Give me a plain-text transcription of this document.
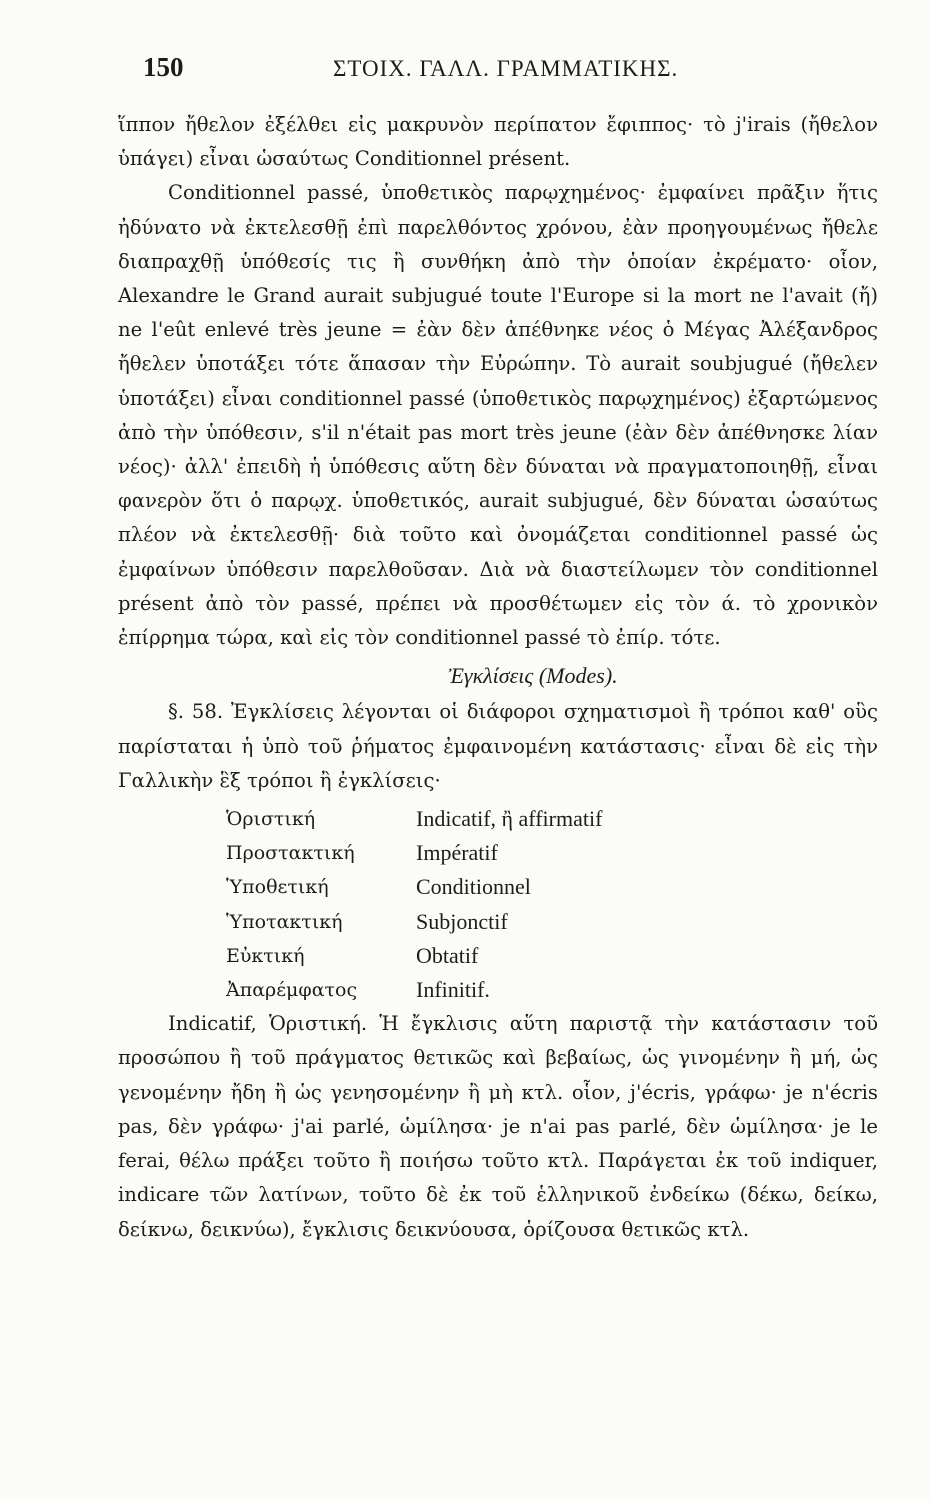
150	ΣΤΟΙΧ. ΓΑΛΛ. ΓΡΑΜΜΑΤΙΚΗΣ.

ἵππον ἤθελον ἐξέλθει εἰς μακρυνὸν περίπατον ἔφιππος· τὸ j'irais (ἤθελον ὑπάγει) εἶναι ὡσαύτως Conditionnel présent.

Conditionnel passé, ὑποθετικὸς παρῳχημένος· ἐμφαίνει πρᾶξιν ἥτις ἠδύνατο νὰ ἐκτελεσθῇ ἐπὶ παρελθόντος χρόνου, ἐὰν προηγουμένως ἤθελε διαπραχθῇ ὑπόθεσίς τις ἢ συνθήκη ἀπὸ τὴν ὁποίαν ἐκρέματο· οἷον, Alexandre le Grand aurait subjugué toute l'Europe si la mort ne l'avait (ἤ) ne l'eût enlevé très jeune = ἐὰν δὲν ἀπέθνηκε νέος ὁ Μέγας Ἀλέξανδρος ἤθελεν ὑποτάξει τότε ἅπασαν τὴν Εὐρώπην. Τὸ aurait soubjugué (ἤθελεν ὑποτάξει) εἶναι conditionnel passé (ὑποθετικὸς παρῳχημένος) ἐξαρτώμενος ἀπὸ τὴν ὑπόθεσιν, s'il n'était pas mort très jeune (ἐὰν δὲν ἀπέθνησκε λίαν νέος)· ἀλλ' ἐπειδὴ ἡ ὑπόθεσις αὕτη δὲν δύναται νὰ πραγματοποιηθῇ, εἶναι φανερὸν ὅτι ὁ παρῳχ. ὑποθετικός, aurait subjugué, δὲν δύναται ὡσαύτως πλέον νὰ ἐκτελεσθῇ· διὰ τοῦτο καὶ ὀνομάζεται conditionnel passé ὡς ἐμφαίνων ὑπόθεσιν παρελθοῦσαν. Διὰ νὰ διαστείλωμεν τὸν conditionnel présent ἀπὸ τὸν passé, πρέπει νὰ προσθέτωμεν εἰς τὸν ά. τὸ χρονικὸν ἐπίρρημα τώρα, καὶ εἰς τὸν conditionnel passé τὸ ἐπίρ. τότε.

Ἐγκλίσεις (Modes).

§. 58. Ἐγκλίσεις λέγονται οἱ διάφοροι σχηματισμοὶ ἢ τρόποι καθ' οὓς παρίσταται ἡ ὑπὸ τοῦ ῥήματος ἐμφαινομένη κατάστασις· εἶναι δὲ εἰς τὴν Γαλλικὴν ἓξ τρόποι ἢ ἐγκλίσεις·

Ὁριστική	Indicatif, ἢ affirmatif
Προστακτική	Impératif
Ὑποθετική	Conditionnel
Ὑποτακτική	Subjonctif
Εὐκτική	Obtatif
Ἀπαρέμφατος	Infinitif.

Indicatif, Ὁριστική. Ἡ ἔγκλισις αὕτη παριστᾷ τὴν κατάστασιν τοῦ προσώπου ἢ τοῦ πράγματος θετικῶς καὶ βεβαίως, ὡς γινομένην ἢ μή, ὡς γενομένην ἤδη ἢ ὡς γενησομένην ἢ μὴ κτλ. οἷον, j'écris, γράφω· je n'écris pas, δὲν γράφω· j'ai parlé, ὡμίλησα· je n'ai pas parlé, δὲν ὡμίλησα· je le ferai, θέλω πράξει τοῦτο ἢ ποιήσω τοῦτο κτλ. Παράγεται ἐκ τοῦ indiquer, indicare τῶν λατίνων, τοῦτο δὲ ἐκ τοῦ ἑλληνικοῦ ἐνδείκω (δέκω, δείκω, δείκνω, δεικνύω), ἔγκλισις δεικνύουσα, ὁρίζουσα θετικῶς κτλ.
